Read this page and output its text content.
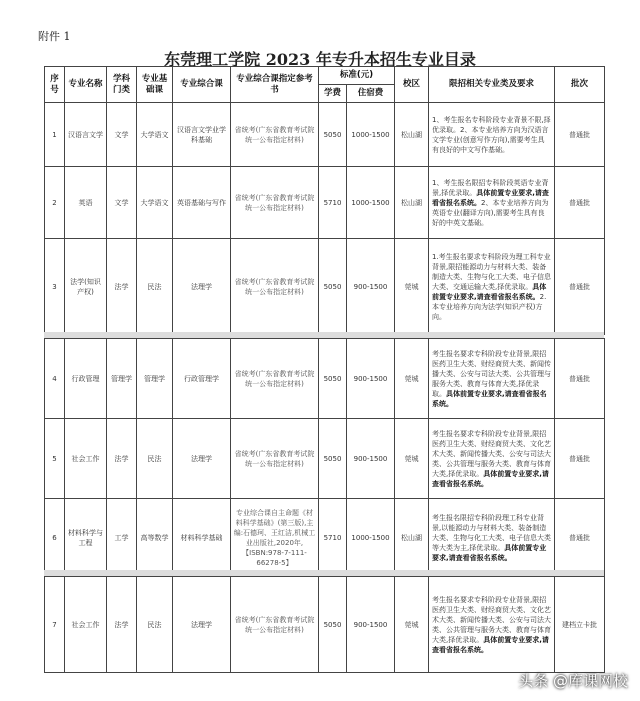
附件 1
东莞理工学院 2023 年专升本招生专业目录
序号	专业名称	学科门类	专业基础课	专业综合课	专业综合课指定参考书	标准(元)		校区	限招相关专业类及要求	批次
						学费	住宿费			
1	汉语言文学	文学	大学语文	汉语言文学业学科基础	省统考(广东省教育考试院统一公布指定材料)	5050	1000-1500	松山湖	1、考生报名专科阶段专业背景不限,择优录取。2、本专业培养方向为汉语言文学专业(创意写作方向),需要考生具有良好的中文写作基础。	普通批
2	英语	文学	大学语文	英语基础与写作	省统考(广东省教育考试院统一公布指定材料)	5710	1000-1500	松山湖	1、考生报名限招专科阶段英语专业背景,择优录取。具体前置专业要求,请查看省报名系统。2、本专业培养方向为英语专业(翻译方向),需要考生具有良好的中英文基础。	普通批
3	法学(知识产权)	法学	民法	法理学	省统考(广东省教育考试院统一公布指定材料)	5050	900-1500	莞城	1.考生报名要求专科阶段为理工科专业背景,限招能源动力与材料大类、装备制造大类、生物与化工大类、电子信息大类、交通运输大类,择优录取。具体前置专业要求,请查看省报名系统。2.本专业培养方向为法学(知识产权)方向。	普通批
4	行政管理	管理学	管理学	行政管理学	省统考(广东省教育考试院统一公布指定材料)	5050	900-1500	莞城	考生报名要求专科阶段专业背景,限招医药卫生大类、财经商贸大类、新闻传播大类、公安与司法大类、公共管理与服务大类、教育与体育大类,择优录取。具体前置专业要求,请查看省报名系统。	普通批
5	社会工作	法学	民法	法理学	省统考(广东省教育考试院统一公布指定材料)	5050	900-1500	莞城	考生报名要求专科阶段专业背景,限招医药卫生大类、财经商贸大类、文化艺术大类、新闻传播大类、公安与司法大类、公共管理与服务大类、教育与体育大类,择优录取。具体前置专业要求,请查看省报名系统。	普通批
6	材料科学与工程	工学	高等数学	材料科学基础	专业综合课自主命题《材料科学基础》(第三版),主编:石德珂、王红洁,机械工业出版社,2020年,【ISBN:978-7-111-66278-5】	5710	1000-1500	松山湖	考生报名限招专科阶段理工科专业背景,以能源动力与材料大类、装备制造大类、生物与化工大类、电子信息大类等大类为主,择优录取。具体前置专业要求,请查看省报名系统。	普通批
7	社会工作	法学	民法	法理学	省统考(广东省教育考试院统一公布指定材料)	5050	900-1500	莞城	考生报名要求专科阶段专业背景,限招医药卫生大类、财经商贸大类、文化艺术大类、新闻传播大类、公安与司法大类、公共管理与服务大类、教育与体育大类,择优录取。具体前置专业要求,请查看省报名系统。	建档立卡批
头条 @库课网校
